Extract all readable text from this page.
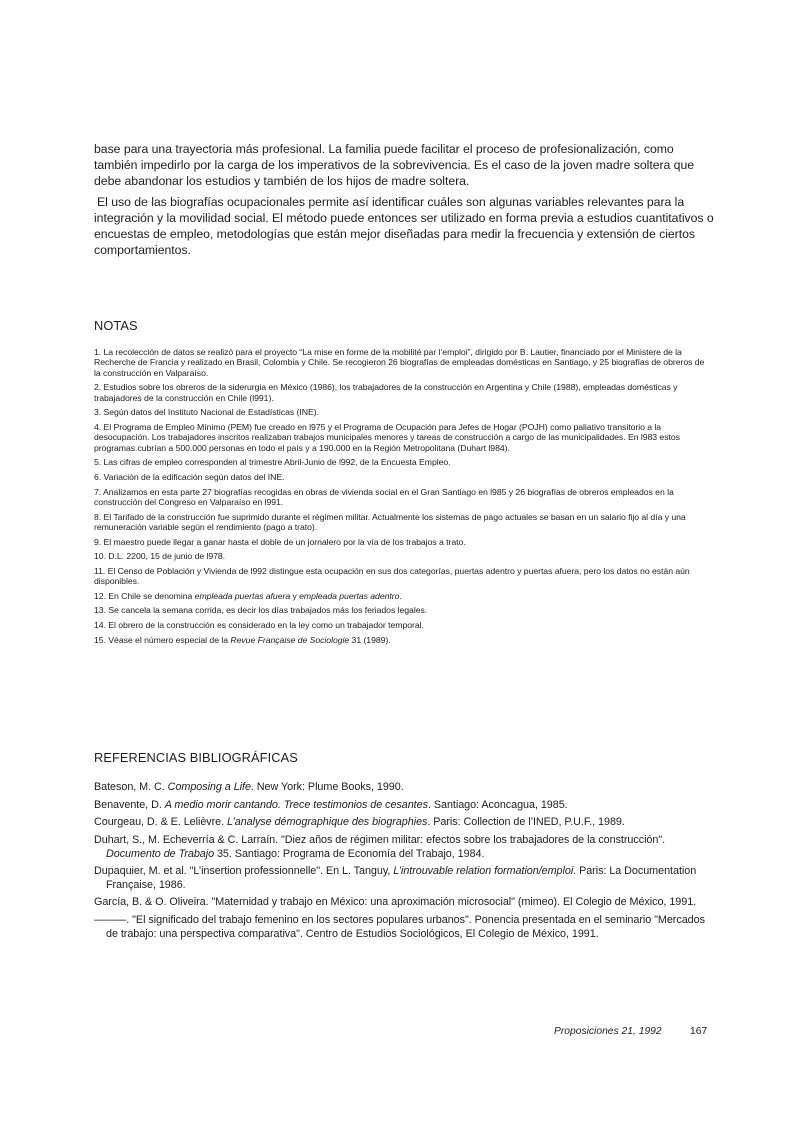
base para una trayectoria más profesional. La familia puede facilitar el proceso de profesionalización, como también impedirlo por la carga de los imperativos de la sobrevivencia. Es el caso de la joven madre soltera que debe abandonar los estudios y también de los hijos de madre soltera.

El uso de las biografías ocupacionales permite así identificar cuáles son algunas variables relevantes para la integración y la movilidad social. El método puede entonces ser utilizado en forma previa a estudios cuantitativos o encuestas de empleo, metodologías que están mejor diseñadas para medir la frecuencia y extensión de ciertos comportamientos.

NOTAS
1. La recolección de datos se realizó para el proyecto “La mise en forme de la mobilité par l’emploi”, dirigido por B. Lautier, financiado por el Ministere de la Recherche de Francia y realizado en Brasil, Colombia y Chile. Se recogieron 26 biografías de empleadas domésticas en Santiago, y 25 biografías de obreros de la construcción en Valparaíso.
2. Estudios sobre los obreros de la siderurgia en México (1986), los trabajadores de la construcción en Argentina y Chile (1988), empleadas domésticas y trabajadores de la construcción en Chile (l991).
3. Según datos del Instituto Nacional de Estadísticas (INE).
4. El Programa de Empleo Mínimo (PEM) fue creado en l975 y el Programa de Ocupación para Jefes de Hogar (POJH) como paliativo transitorio a la desocupación. Los trabajadores inscritos realizaban trabajos municipales menores y tareas de construcción a cargo de las municipalidades. En l983 estos programas cubrían a 500.000 personas en todo el país y a 190.000 en la Región Metropolitana (Duhart l984).
5. Las cifras de empleo corresponden al trimestre Abril-Junio de l992, de la Encuesta Empleo.
6. Variación de la edificación según datos del INE.
7. Analizamos en esta parte 27 biografías recogidas en obras de vivienda social en el Gran Santiago en l985 y 26 biografías de obreros empleados en la construcción del Congreso en Valparaíso en l991.
8. El Tarifado de la construcción fue suprimido durante el régimen militar. Actualmente los sistemas de pago actuales se basan en un salario fijo al día y una remuneración variable según el rendimiento (pago a trato).
9. El maestro puede llegar a ganar hasta el doble de un jornalero por la vía de los trabajos a trato.
10. D.L. 2200, 15 de junio de l978.
11. El Censo de Población y Vivienda de l992 distingue esta ocupación en sus dos categorías, puertas adentro y puertas afuera, pero los datos no están aún disponibles.
12. En Chile se denomina empleada puertas afuera y empleada puertas adentro.
13. Se cancela la semana corrida, es decir los días trabajados más los feriados legales.
14. El obrero de la construcción es considerado en la ley como un trabajador temporal.
15. Véase el número especial de la Revue Française de Sociologie 31 (1989).
REFERENCIAS BIBLIOGRÁFICAS
Bateson, M. C. Composing a Life. New York: Plume Books, 1990.
Benavente, D. A medio morir cantando. Trece testimonios de cesantes. Santiago: Aconcagua, 1985.
Courgeau, D. & E. Lelièvre. L’analyse démographique des biographies. Paris: Collection de l’INED, P.U.F., 1989.
Duhart, S., M. Echeverría & C. Larraín. "Diez años de régimen militar: efectos sobre los trabajadores de la construcción". Documento de Trabajo 35. Santiago: Programa de Economía del Trabajo, 1984.
Dupaquier, M. et al. "L’insertion professionnelle". En L. Tanguy, L’introuvable relation formation/emploi. Paris: La Documentation Française, 1986.
García, B. & O. Oliveira. "Maternidad y trabajo en México: una aproximación microsocial" (mimeo). El Colegio de México, 1991.
———. "El significado del trabajo femenino en los sectores populares urbanos". Ponencia presentada en el seminario "Mercados de trabajo: una perspectiva comparativa". Centro de Estudios Sociológicos, El Colegio de México, 1991.

Proposiciones 21, 1992	167
